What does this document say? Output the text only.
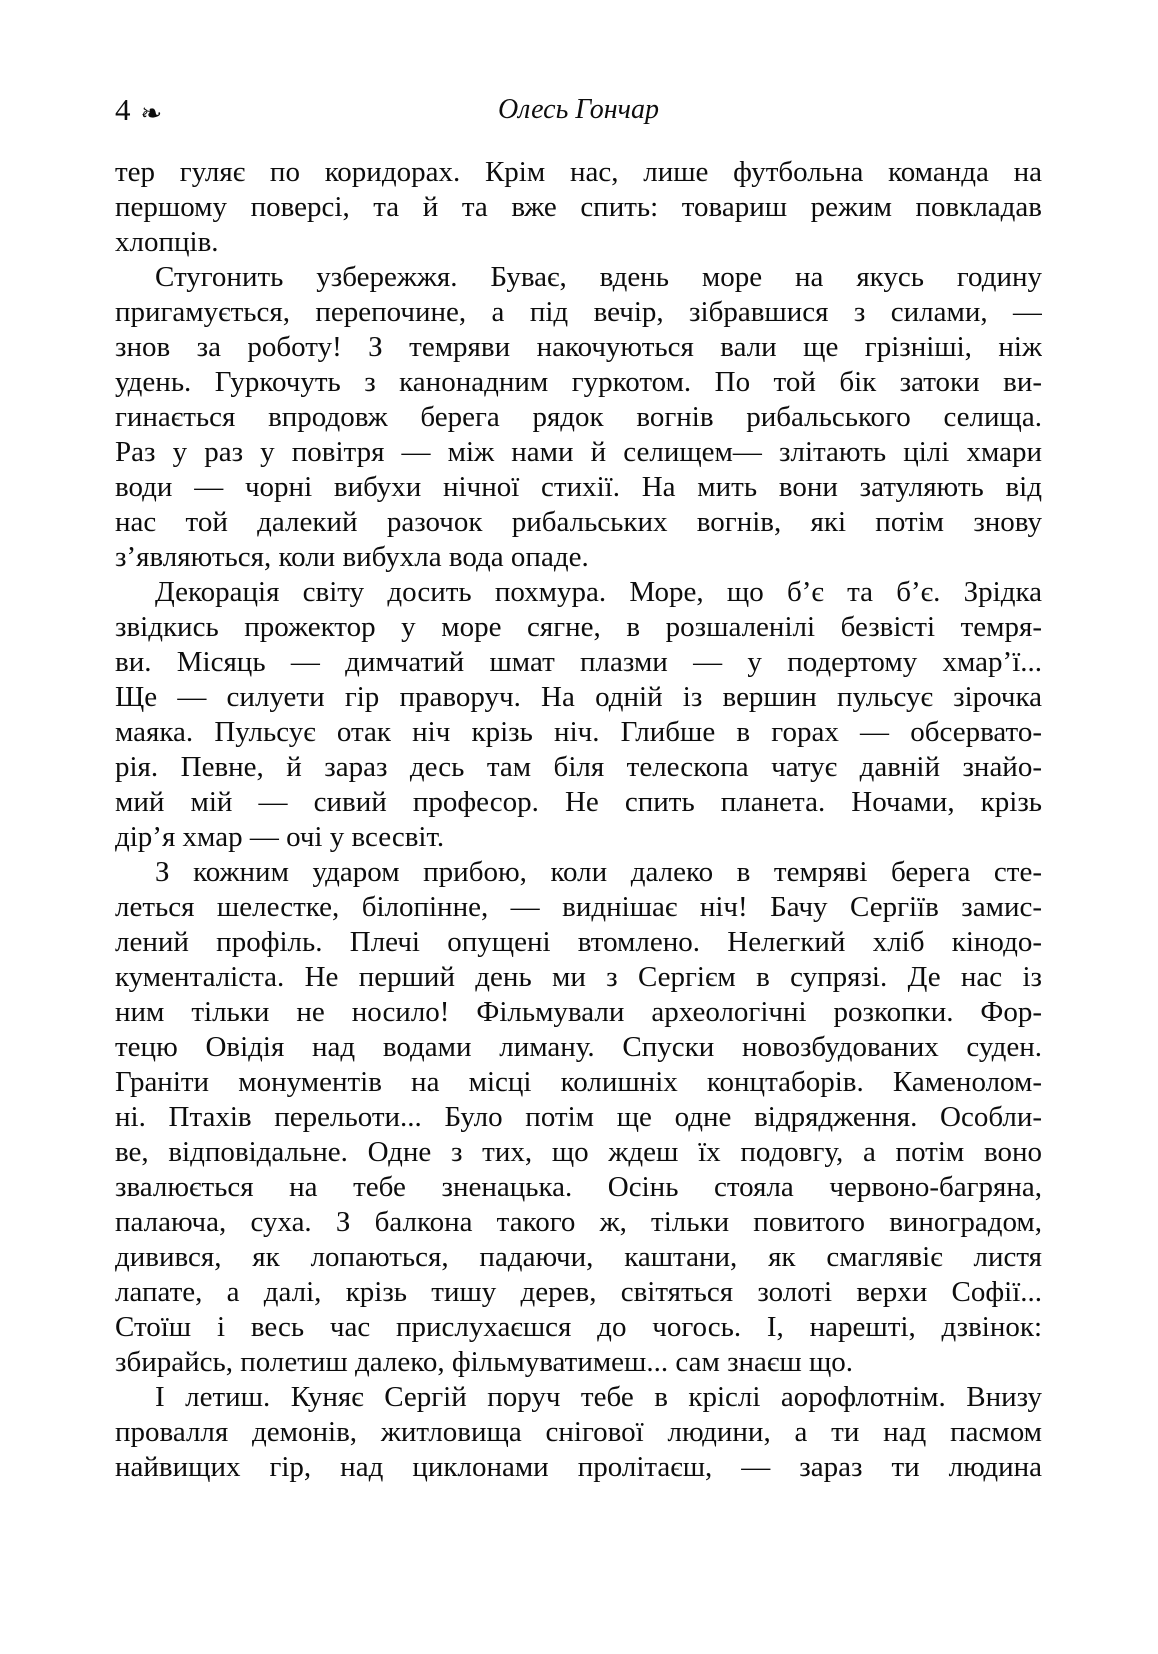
4 ❧	Олесь Гончар
тер гуляє по коридорах. Крім нас, лише футбольна команда на
першому поверсі, та й та вже спить: товариш режим повкладав
хлопців.
Стугонить узбережжя. Буває, вдень море на якусь годину
пригамується, перепочине, а під вечір, зібравшися з силами, —
знов за роботу! З темряви накочуються вали ще грізніші, ніж
удень. Гуркочуть з канонадним гуркотом. По той бік затоки ви-
гинається впродовж берега рядок вогнів рибальського селища.
Раз у раз у повітря — між нами й селищем— злітають цілі хмари
води — чорні вибухи нічної стихії. На мить вони затуляють від
нас той далекий разочок рибальських вогнів, які потім знову
з’являються, коли вибухла вода опаде.
Декорація світу досить похмура. Море, що б’є та б’є. Зрідка
звідкись прожектор у море сягне, в розшаленілі безвісті темря-
ви. Місяць — димчатий шмат плазми — у подертому хмар’ї...
Ще — силуети гір праворуч. На одній із вершин пульсує зірочка
маяка. Пульсує отак ніч крізь ніч. Глибше в горах — обсервато-
рія. Певне, й зараз десь там біля телескопа чатує давній знайо-
мий мій — сивий професор. Не спить планета. Ночами, крізь
дір’я хмар — очі у всесвіт.
З кожним ударом прибою, коли далеко в темряві берега сте-
леться шелестке, білопінне, — виднішає ніч! Бачу Сергіїв замис-
лений профіль. Плечі опущені втомлено. Нелегкий хліб кінодо-
кументаліста. Не перший день ми з Сергієм в супрязі. Де нас із
ним тільки не носило! Фільмували археологічні розкопки. Фор-
тецю Овідія над водами лиману. Спуски новозбудованих суден.
Граніти монументів на місці колишніх концтаборів. Каменолом-
ні. Птахів перельоти... Було потім ще одне відрядження. Особли-
ве, відповідальне. Одне з тих, що ждеш їх подовгу, а потім воно
звалюється на тебе зненацька. Осінь стояла червоно-багряна,
палаюча, суха. З балкона такого ж, тільки повитого виноградом,
дивився, як лопаються, падаючи, каштани, як смаглявіє листя
лапате, а далі, крізь тишу дерев, світяться золоті верхи Софії...
Стоїш і весь час прислухаєшся до чогось. І, нарешті, дзвінок:
збирайсь, полетиш далеко, фільмуватимеш... сам знаєш що.
І летиш. Куняє Сергій поруч тебе в кріслі аорофлотнім. Внизу
провалля демонів, житловища снігової людини, а ти над пасмом
найвищих гір, над циклонами пролітаєш, — зараз ти людина
